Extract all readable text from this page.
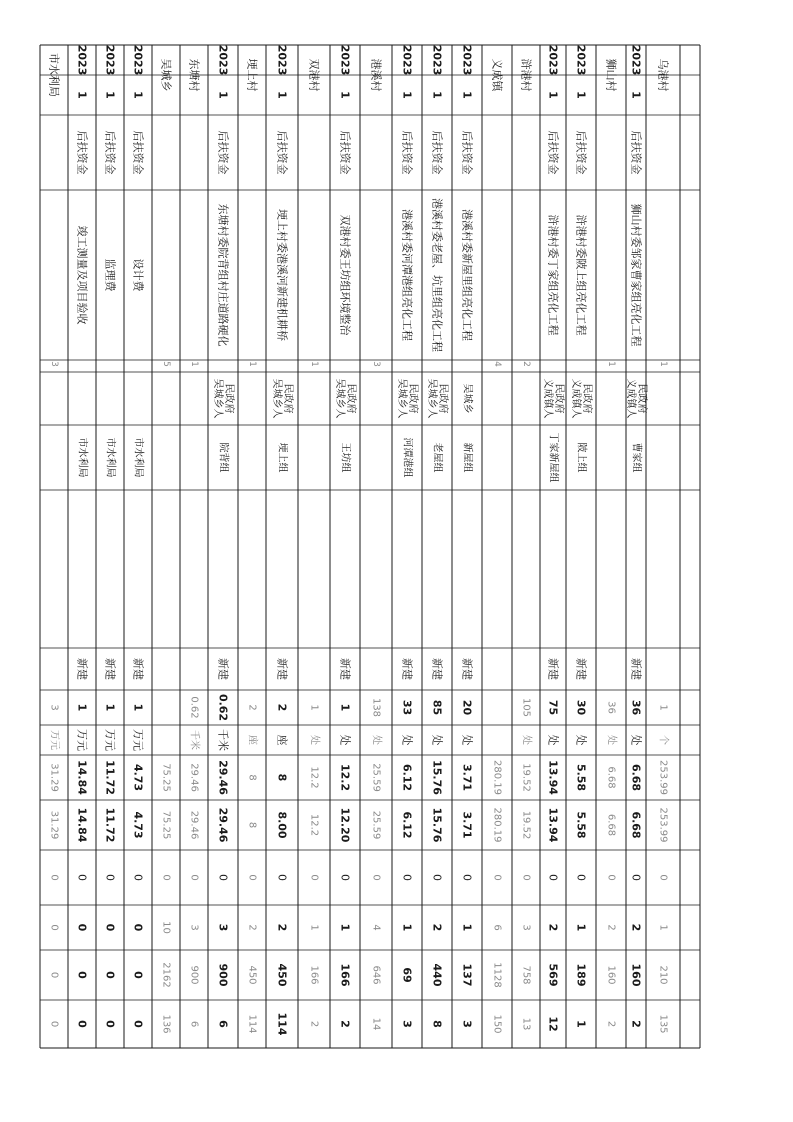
市水利局
3
3
万元
31.29
31.29
0
0
0
0
2023
1
后扶资金
竣工测量及项目验收
市水利局
新建
1
万元
14.84
14.84
0
0
0
0
2023
1
后扶资金
监理费
市水利局
新建
1
万元
11.72
11.72
0
0
0
0
2023
1
后扶资金
设计费
市水利局
新建
1
万元
4.73
4.73
0
0
0
0
吴城乡
5
75.25
75.25
0
10
2162
136
东塘村
1
0.62
千米
29.46
29.46
0
3
900
6
2023
1
后扶资金
东塘村委院背组村庄道路硬化
吴城乡人 民政府
院背组
新建
0.62
千米
29.46
29.46
0
3
900
6
埂上村
1
2
座
8
8
0
2
450
114
2023
1
后扶资金
埂上村委港溪河新建机耕桥
吴城乡人 民政府
埂上组
新建
2
座
8
8.00
0
2
450
114
双港村
1
1
处
12.2
12.2
0
1
166
2
2023
1
后扶资金
双港村委王坊组环境整治
吴城乡人 民政府
王坊组
新建
1
处
12.2
12.20
0
1
166
2
港溪村
3
138
处
25.59
25.59
0
4
646
14
2023
1
后扶资金
港溪村委河潭港组亮化工程
吴城乡人 民政府
河潭港组
新建
33
处
6.12
6.12
0
1
69
3
2023
1
后扶资金
港溪村委老屋、坑里组亮化工程
吴城乡人 民政府
老屋组
新建
85
处
15.76
15.76
0
2
440
8
2023
1
后扶资金
港溪村委新屋里组亮化工程
吴城乡
新屋组
新建
20
处
3.71
3.71
0
1
137
3
义成镇
4
280.19
280.19
0
6
1128
150
浒港村
2
105
处
19.52
19.52
0
3
758
13
2023
1
后扶资金
浒港村委丁家组亮化工程
义成镇人 民政府
丁家新屋组
新建
75
处
13.94
13.94
0
2
569
12
2023
1
后扶资金
浒港村委陂上组亮化工程
义成镇人 民政府
陂上组
新建
30
处
5.58
5.58
0
1
189
1
狮山村
1
36
处
6.68
6.68
0
2
160
2
2023
1
后扶资金
狮山村委邹家曹家组亮化工程
义成镇人 民政府
曹家组
新建
36
处
6.68
6.68
0
2
160
2
乌港村
1
1
个
253.99
253.99
0
1
210
135
